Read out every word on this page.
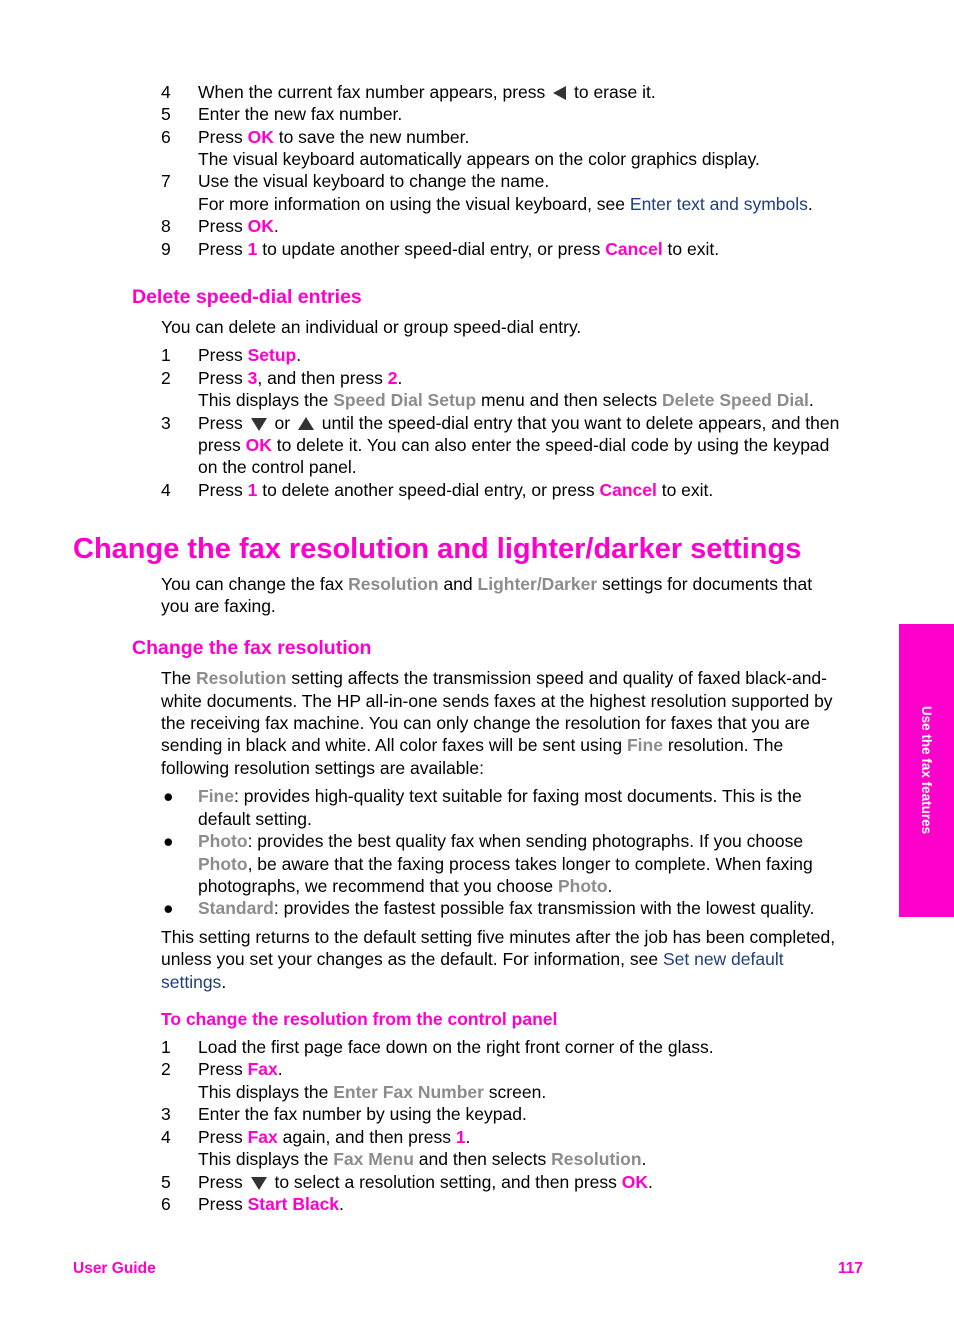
4	When the current fax number appears, press  to erase it.
5	Enter the new fax number.
6	Press OK to save the new number.
The visual keyboard automatically appears on the color graphics display.
7	Use the visual keyboard to change the name.
For more information on using the visual keyboard, see Enter text and symbols.
8	Press OK.
9	Press 1 to update another speed-dial entry, or press Cancel to exit.
Delete speed-dial entries
You can delete an individual or group speed-dial entry.
1	Press Setup.
2	Press 3, and then press 2.
This displays the Speed Dial Setup menu and then selects Delete Speed Dial.
3	Press  or  until the speed-dial entry that you want to delete appears, and then
press OK to delete it. You can also enter the speed-dial code by using the keypad
on the control panel.
4	Press 1 to delete another speed-dial entry, or press Cancel to exit.
Change the fax resolution and lighter/darker settings
You can change the fax Resolution and Lighter/Darker settings for documents that
you are faxing.
Change the fax resolution
The Resolution setting affects the transmission speed and quality of faxed black-and-
white documents. The HP all-in-one sends faxes at the highest resolution supported by
the receiving fax machine. You can only change the resolution for faxes that you are
sending in black and white. All color faxes will be sent using Fine resolution. The
following resolution settings are available:
● Fine: provides high-quality text suitable for faxing most documents. This is the
default setting.
● Photo: provides the best quality fax when sending photographs. If you choose
Photo, be aware that the faxing process takes longer to complete. When faxing
photographs, we recommend that you choose Photo.
● Standard: provides the fastest possible fax transmission with the lowest quality.
This setting returns to the default setting five minutes after the job has been completed,
unless you set your changes as the default. For information, see Set new default
settings.
To change the resolution from the control panel
1	Load the first page face down on the right front corner of the glass.
2	Press Fax.
This displays the Enter Fax Number screen.
3	Enter the fax number by using the keypad.
4	Press Fax again, and then press 1.
This displays the Fax Menu and then selects Resolution.
5	Press  to select a resolution setting, and then press OK.
6	Press Start Black.
Use the fax features
User Guide	117
